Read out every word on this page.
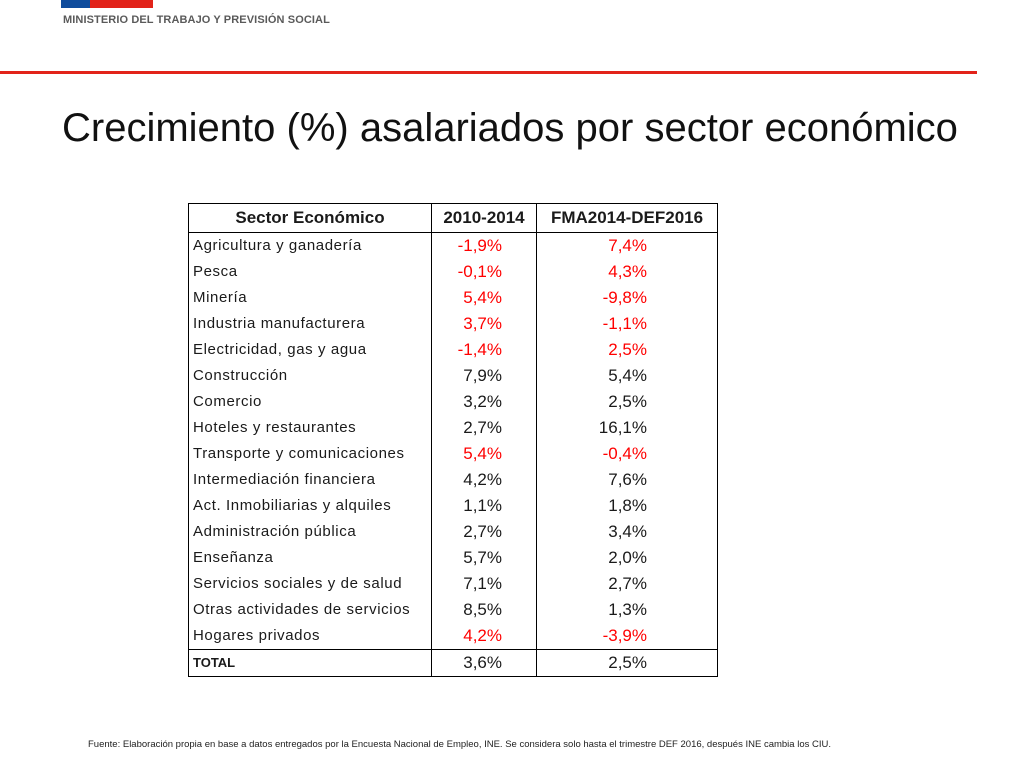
MINISTERIO DEL TRABAJO Y PREVISIÓN SOCIAL
Crecimiento (%) asalariados por sector económico
Sector Económico	2010-2014	FMA2014-DEF2016
Agricultura y ganadería	-1,9%	7,4%
Pesca	-0,1%	4,3%
Minería	5,4%	-9,8%
Industria manufacturera	3,7%	-1,1%
Electricidad, gas y agua	-1,4%	2,5%
Construcción	7,9%	5,4%
Comercio	3,2%	2,5%
Hoteles y restaurantes	2,7%	16,1%
Transporte y comunicaciones	5,4%	-0,4%
Intermediación financiera	4,2%	7,6%
Act. Inmobiliarias y alquiles	1,1%	1,8%
Administración pública	2,7%	3,4%
Enseñanza	5,7%	2,0%
Servicios sociales y de salud	7,1%	2,7%
Otras actividades de servicios	8,5%	1,3%
Hogares privados	4,2%	-3,9%
TOTAL	3,6%	2,5%
Fuente: Elaboración propia en base a datos entregados por la Encuesta Nacional de Empleo, INE. Se considera solo hasta el trimestre DEF 2016, después INE cambia los CIU.
